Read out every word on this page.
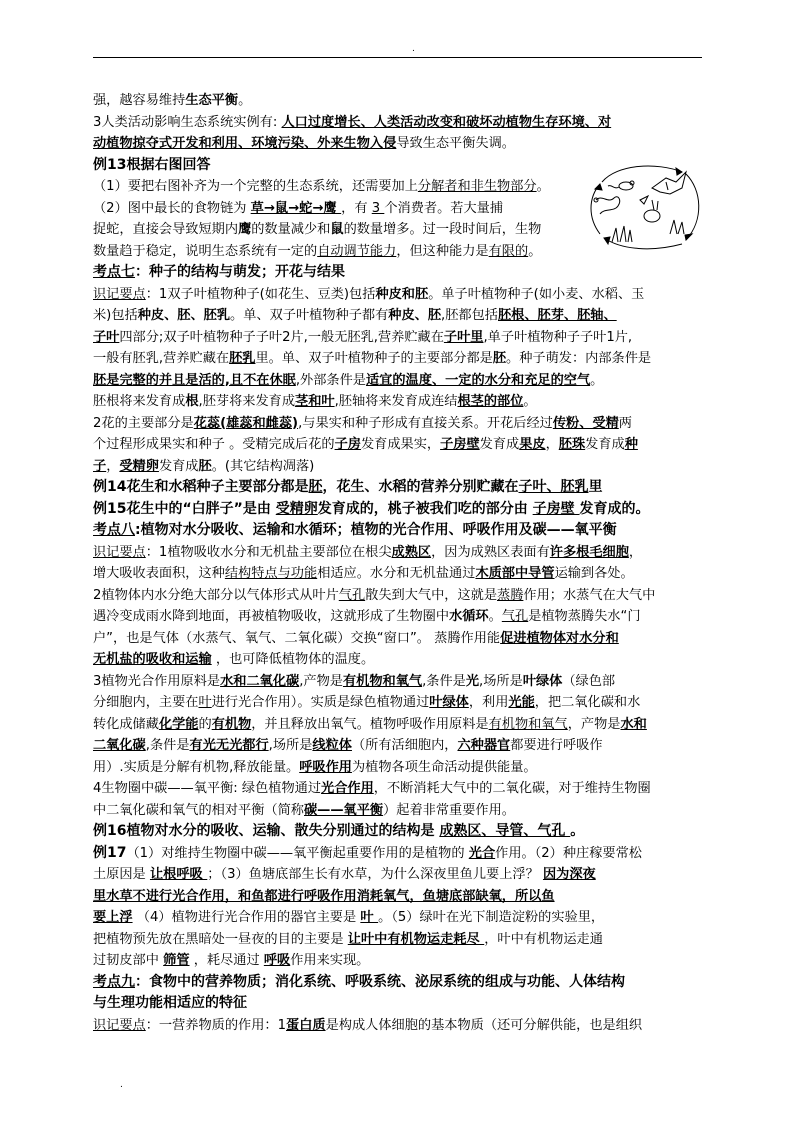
.
强，越容易维持生态平衡。
3人类活动影响生态系统实例有: 人口过度增长、人类活动改变和破坏动植物生存环境、对
动植物掠夺式开发和利用、环境污染、外来生物入侵导致生态平衡失调。
例13根据右图回答
（1）要把右图补齐为一个完整的生态系统，还需要加上分解者和非生物部分。
（2）图中最长的食物链为 草→鼠→蛇→鹰 ，有 3 个消费者。若大量捕
捉蛇，直接会导致短期内鹰的数量减少和鼠的数量增多。过一段时间后，生物
数量趋于稳定，说明生态系统有一定的自动调节能力，但这种能力是有限的。
考点七：种子的结构与萌发；开花与结果
识记要点：1双子叶植物种子(如花生、豆类)包括种皮和胚。单子叶植物种子(如小麦、水稻、玉
米)包括种皮、胚、胚乳。单、双子叶植物种子都有种皮、胚,胚都包括胚根、胚芽、胚轴、
子叶四部分;双子叶植物种子子叶2片,一般无胚乳,营养贮藏在子叶里,单子叶植物种子子叶1片,
一般有胚乳,营养贮藏在胚乳里。单、双子叶植物种子的主要部分都是胚。种子萌发：内部条件是
胚是完整的并且是活的,且不在休眠,外部条件是适宜的温度、一定的水分和充足的空气。
胚根将来发育成根,胚芽将来发育成茎和叶,胚轴将来发育成连结根茎的部位。
2花的主要部分是花蕊(雄蕊和雌蕊),与果实和种子形成有直接关系。开花后经过传粉、受精两
个过程形成果实和种子 。受精完成后花的子房发育成果实，子房壁发育成果皮，胚珠发育成种
子，受精卵发育成胚。(其它结构凋落)
例14花生和水稻种子主要部分都是胚，花生、水稻的营养分别贮藏在子叶、胚乳里
例15花生中的“白胖子”是由 受精卵发育成的，桃子被我们吃的部分由 子房壁 发育成的。
考点八:植物对水分吸收、运输和水循环；植物的光合作用、呼吸作用及碳——氧平衡
识记要点：1植物吸收水分和无机盐主要部位在根尖成熟区，因为成熟区表面有许多根毛细胞，
增大吸收表面积，这种结构特点与功能相适应。水分和无机盐通过木质部中导管运输到各处。
2植物体内水分绝大部分以气体形式从叶片气孔散失到大气中，这就是蒸腾作用；水蒸气在大气中
遇冷变成雨水降到地面，再被植物吸收，这就形成了生物圈中水循环。气孔是植物蒸腾失水“门
户”，也是气体（水蒸气、氧气、二氧化碳）交换“窗口”。 蒸腾作用能促进植物体对水分和
无机盐的吸收和运输 ，也可降低植物体的温度。
3植物光合作用原料是水和二氧化碳,产物是有机物和氧气,条件是光,场所是叶绿体（绿色部
分细胞内，主要在叶进行光合作用）。实质是绿色植物通过叶绿体，利用光能，把二氧化碳和水
转化成储藏化学能的有机物，并且释放出氧气。植物呼吸作用原料是有机物和氧气，产物是水和
二氧化碳,条件是有光无光都行,场所是线粒体（所有活细胞内，六种器官都要进行呼吸作
用）.实质是分解有机物,释放能量。呼吸作用为植物各项生命活动提供能量。
4生物圈中碳——氧平衡: 绿色植物通过光合作用，不断消耗大气中的二氧化碳，对于维持生物圈
中二氧化碳和氧气的相对平衡（简称碳——氧平衡）起着非常重要作用。
例16植物对水分的吸收、运输、散失分别通过的结构是 成熟区、导管、气孔 。
例17（1）对维持生物圈中碳——氧平衡起重要作用的是植物的 光合作用。（2）种庄稼要常松
土原因是 让根呼吸 ；（3）鱼塘底部生长有水草，为什么深夜里鱼儿要上浮？ 因为深夜
里水草不进行光合作用，和鱼都进行呼吸作用消耗氧气，鱼塘底部缺氧，所以鱼
要上浮 （4）植物进行光合作用的器官主要是 叶 。（5）绿叶在光下制造淀粉的实验里，
把植物预先放在黑暗处一昼夜的目的主要是 让叶中有机物运走耗尽 ，叶中有机物运走通
过韧皮部中 筛管 ，耗尽通过 呼吸作用来实现。
考点九：食物中的营养物质；消化系统、呼吸系统、泌尿系统的组成与功能、人体结构
与生理功能相适应的特征
识记要点：一营养物质的作用：1蛋白质是构成人体细胞的基本物质（还可分解供能，也是组织
.
